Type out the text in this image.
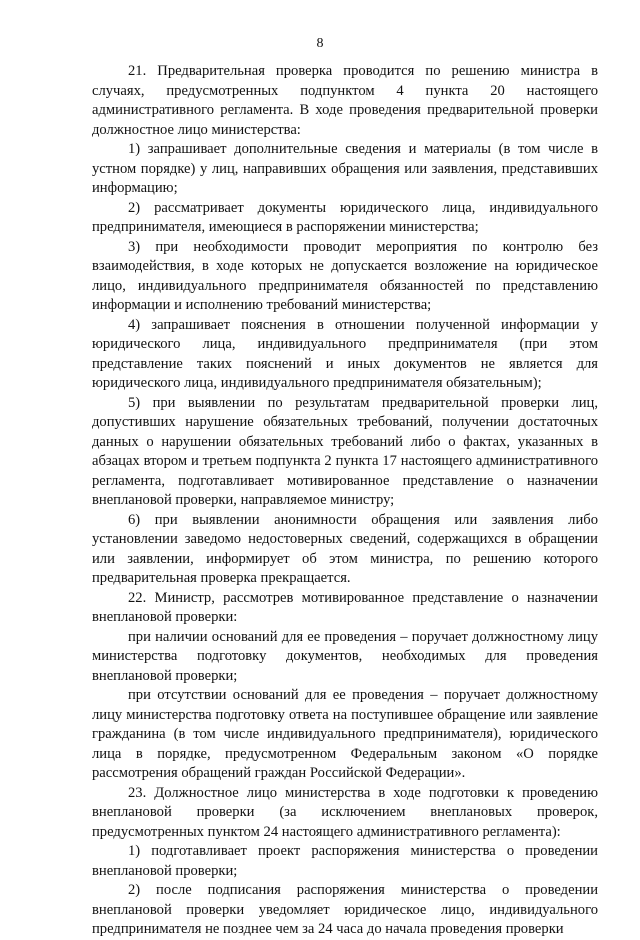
8

21. Предварительная проверка проводится по решению министра в случаях, предусмотренных подпунктом 4 пункта 20 настоящего административного регламента. В ходе проведения предварительной проверки должностное лицо министерства:

1) запрашивает дополнительные сведения и материалы (в том числе в устном порядке) у лиц, направивших обращения или заявления, представивших информацию;

2) рассматривает документы юридического лица, индивидуального предпринимателя, имеющиеся в распоряжении министерства;

3) при необходимости проводит мероприятия по контролю без взаимодействия, в ходе которых не допускается возложение на юридическое лицо, индивидуального предпринимателя обязанностей по представлению информации и исполнению требований министерства;

4) запрашивает пояснения в отношении полученной информации у юридического лица, индивидуального предпринимателя (при этом представление таких пояснений и иных документов не является для юридического лица, индивидуального предпринимателя обязательным);

5) при выявлении по результатам предварительной проверки лиц, допустивших нарушение обязательных требований, получении достаточных данных о нарушении обязательных требований либо о фактах, указанных в абзацах втором и третьем подпункта 2 пункта 17 настоящего административного регламента, подготавливает мотивированное представление о назначении внеплановой проверки, направляемое министру;

6) при выявлении анонимности обращения или заявления либо установлении заведомо недостоверных сведений, содержащихся в обращении или заявлении, информирует об этом министра, по решению которого предварительная проверка прекращается.

22. Министр, рассмотрев мотивированное представление о назначении внеплановой проверки:

при наличии оснований для ее проведения – поручает должностному лицу министерства подготовку документов, необходимых для проведения внеплановой проверки;

при отсутствии оснований для ее проведения – поручает должностному лицу министерства подготовку ответа на поступившее обращение или заявление гражданина (в том числе индивидуального предпринимателя), юридического лица в порядке, предусмотренном Федеральным законом «О порядке рассмотрения обращений граждан Российской Федерации».

23. Должностное лицо министерства в ходе подготовки к проведению внеплановой проверки (за исключением внеплановых проверок, предусмотренных пунктом 24 настоящего административного регламента):

1) подготавливает проект распоряжения министерства о проведении внеплановой проверки;

2) после подписания распоряжения министерства о проведении внеплановой проверки уведомляет юридическое лицо, индивидуального предпринимателя не позднее чем за 24 часа до начала проведения проверки
